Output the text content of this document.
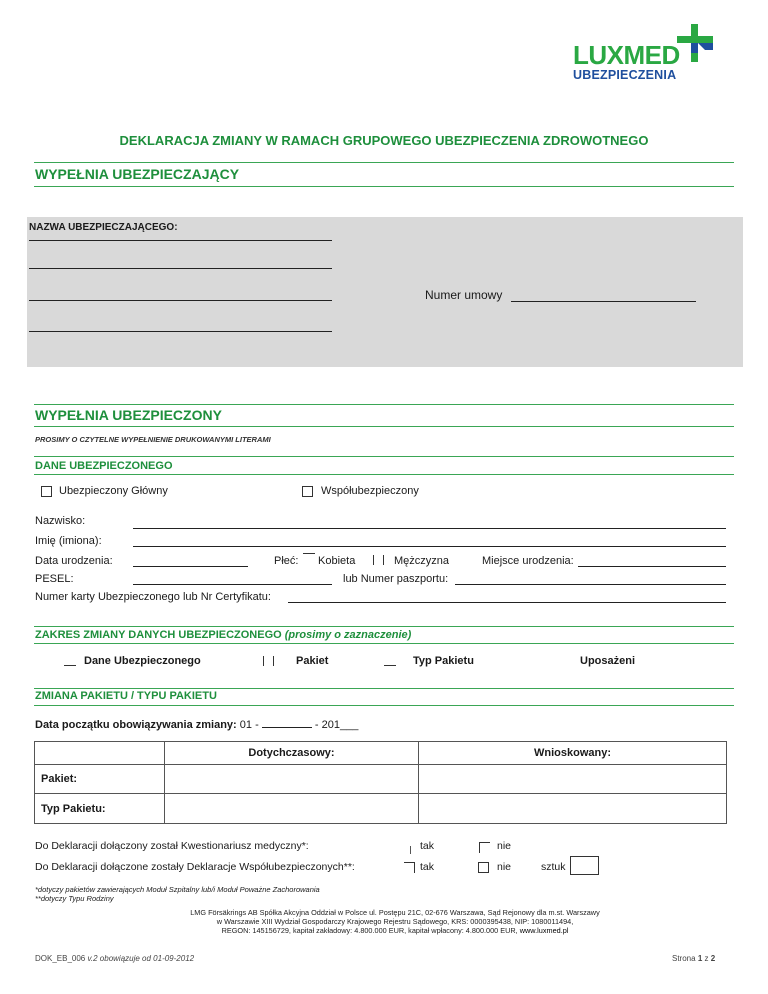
LUXMED
UBEZPIECZENIA
DEKLARACJA ZMIANY W RAMACH GRUPOWEGO UBEZPIECZENIA ZDROWOTNEGO
WYPEŁNIA UBEZPIECZAJĄCY
NAZWA UBEZPIECZAJĄCEGO:
Numer umowy
WYPEŁNIA UBEZPIECZONY
PROSIMY O CZYTELNE WYPEŁNIENIE DRUKOWANYMI LITERAMI
DANE UBEZPIECZONEGO
Ubezpieczony Główny	Współubezpieczony
Nazwisko:
Imię (imiona):
Data urodzenia:	Płeć: Kobieta	Mężczyzna	Miejsce urodzenia:
PESEL:	lub Numer paszportu:
Numer karty Ubezpieczonego lub Nr Certyfikatu:
ZAKRES ZMIANY DANYCH UBEZPIECZONEGO (prosimy o zaznaczenie)
Dane Ubezpieczonego	Pakiet	Typ Pakietu	Uposażeni
ZMIANA PAKIETU / TYPU PAKIETU
Data początku obowiązywania zmiany: 01 -	- 201___
	Dotychczasowy:	Wnioskowany:
Pakiet:		
Typ Pakietu:		
Do Deklaracji dołączony został Kwestionariusz medyczny*:	tak	nie
Do Deklaracji dołączone zostały Deklaracje Współubezpieczonych**:	tak	nie	sztuk
*dotyczy pakietów zawierających Moduł Szpitalny lub/i Moduł Poważne Zachorowania
**dotyczy Typu Rodziny
LMG Försäkrings AB Spółka Akcyjna Oddział w Polsce ul. Postępu 21C, 02-676 Warszawa, Sąd Rejonowy dla m.st. Warszawy
w Warszawie XIII Wydział Gospodarczy Krajowego Rejestru Sądowego, KRS: 0000395438, NIP: 1080011494,
REGON: 145156729, kapitał zakładowy: 4.800.000 EUR, kapitał wpłacony: 4.800.000 EUR, www.luxmed.pl
DOK_EB_006 v.2 obowiązuje od 01-09-2012	Strona 1 z 2
